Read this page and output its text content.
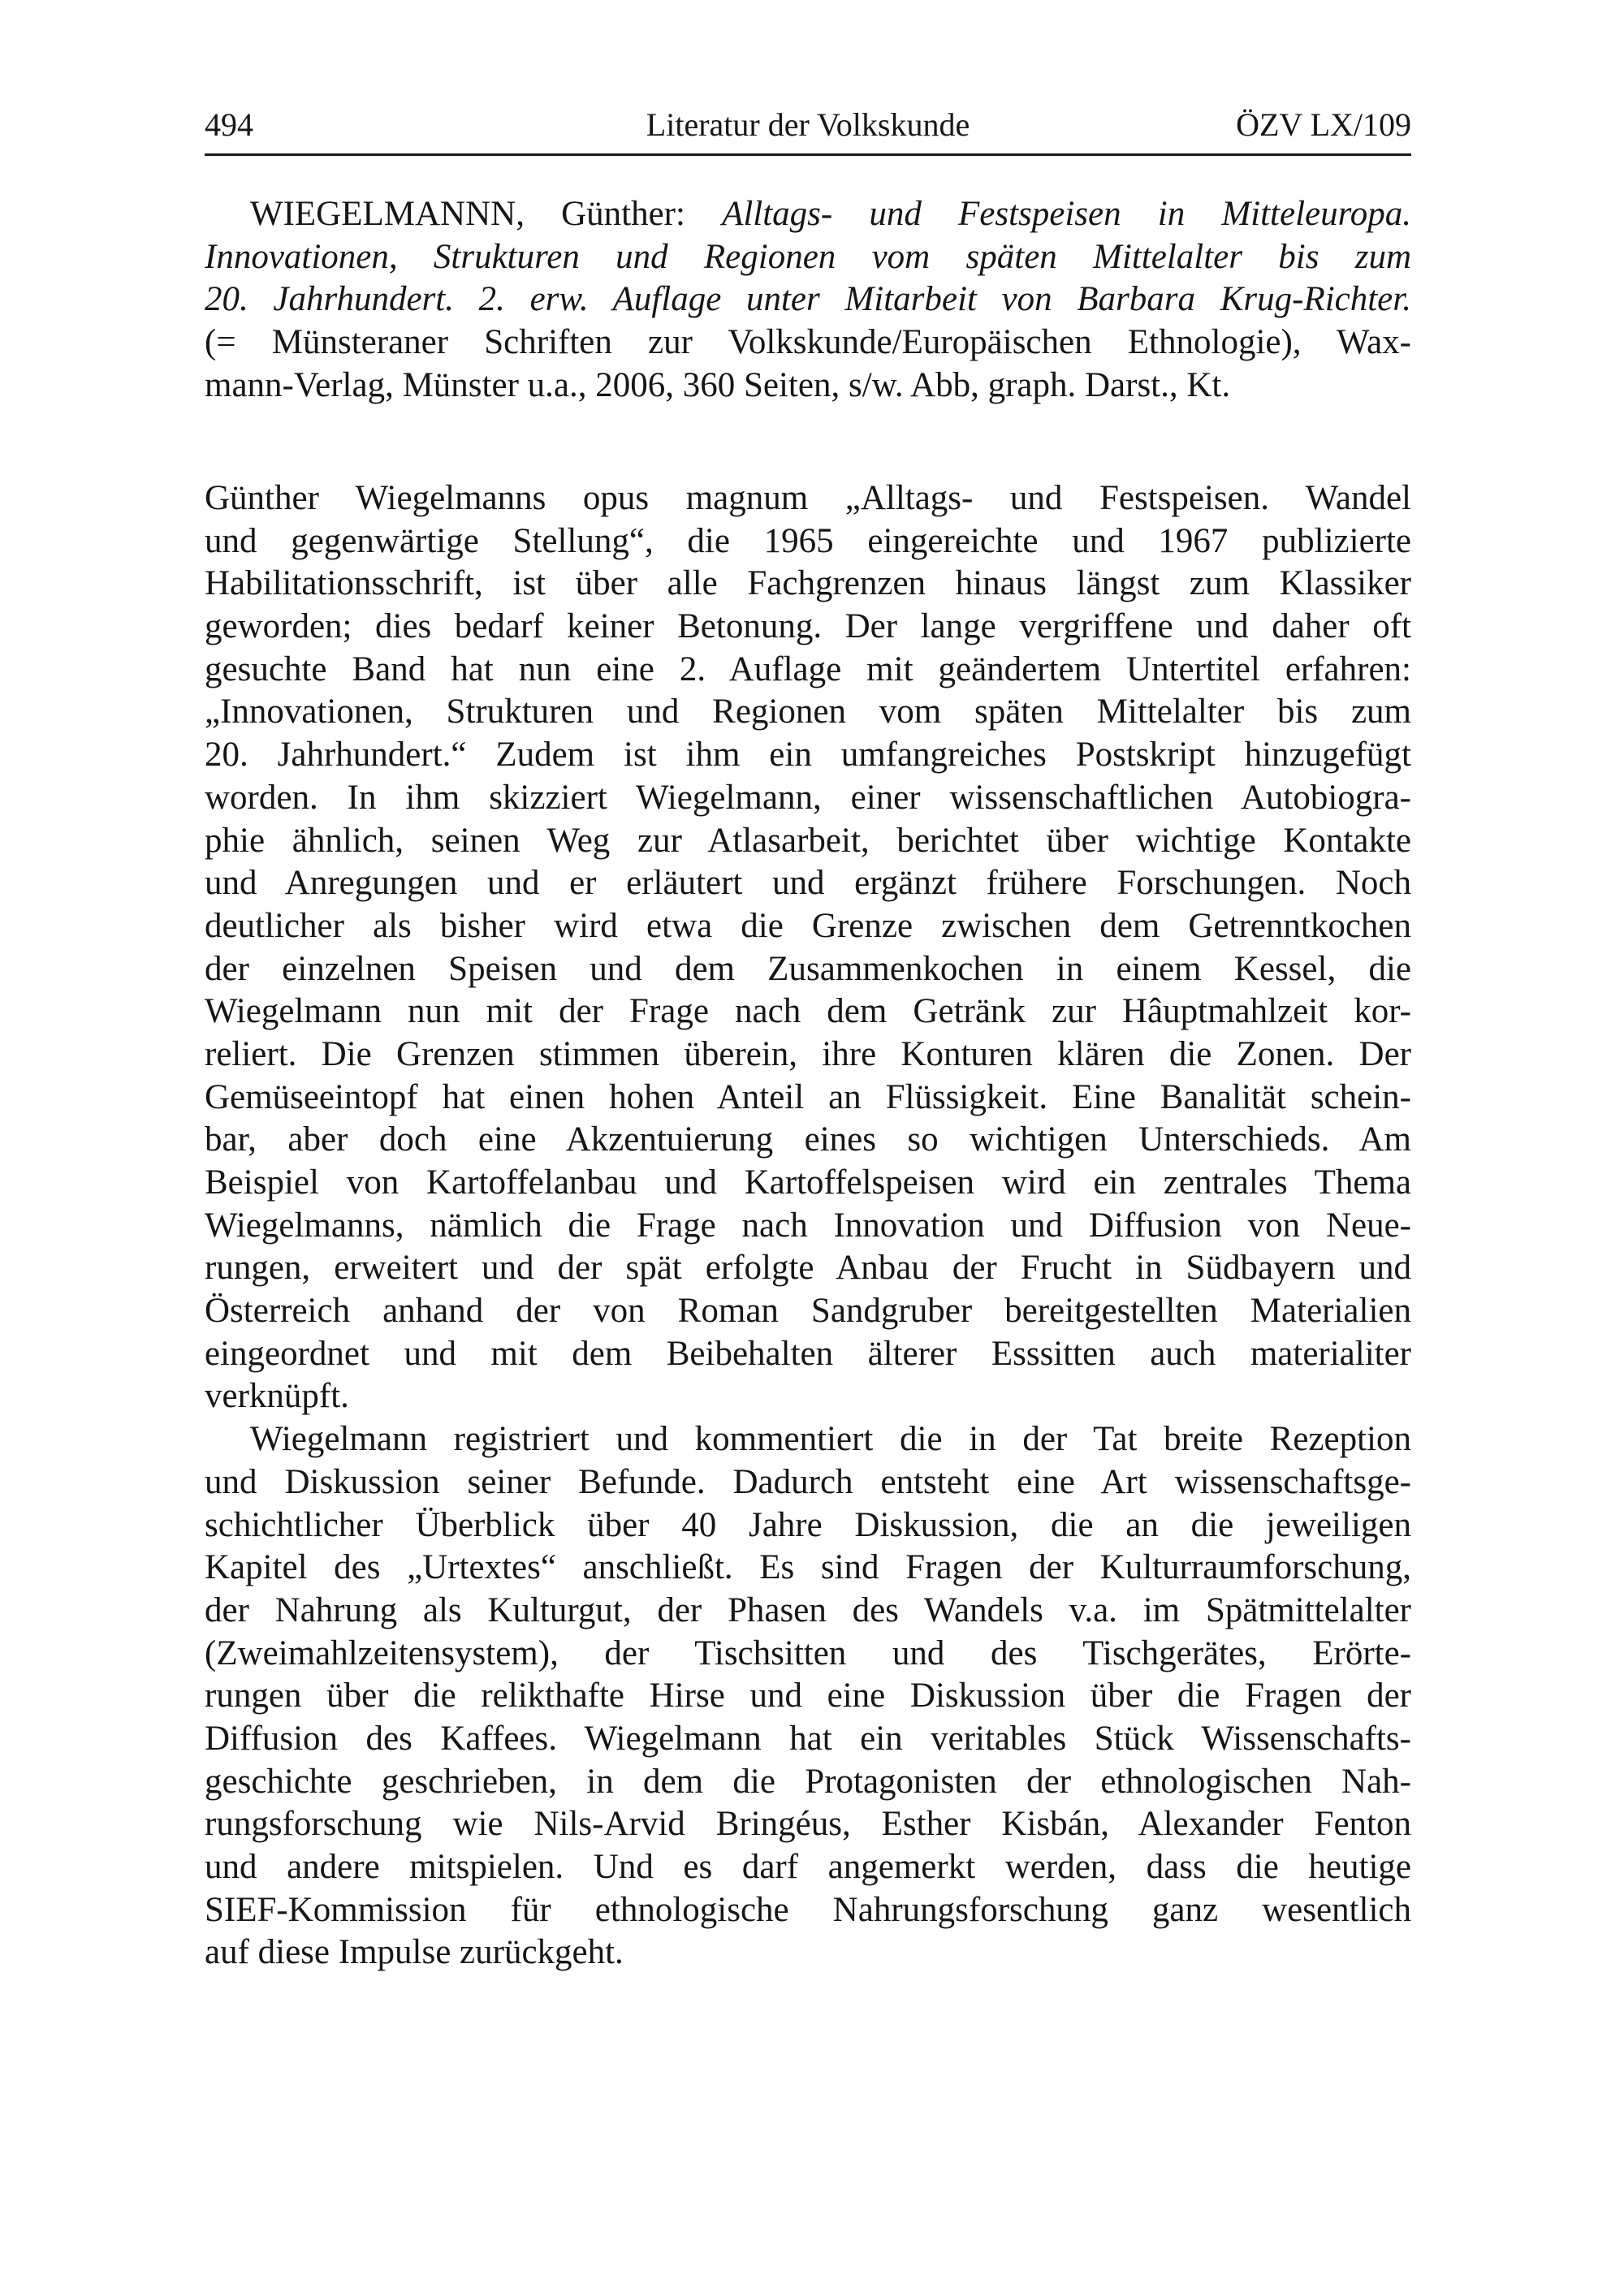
494	Literatur der Volkskunde	ÖZV LX/109
WIEGELMANNN, Günther: Alltags- und Festspeisen in Mitteleuropa.
Innovationen, Strukturen und Regionen vom späten Mittelalter bis zum
20. Jahrhundert. 2. erw. Auflage unter Mitarbeit von Barbara Krug-Richter.
(= Münsteraner Schriften zur Volkskunde/Europäischen Ethnologie), Wax-
mann-Verlag, Münster u.a., 2006, 360 Seiten, s/w. Abb, graph. Darst., Kt.
Günther Wiegelmanns opus magnum „Alltags- und Festspeisen. Wandel
und gegenwärtige Stellung“, die 1965 eingereichte und 1967 publizierte
Habilitationsschrift, ist über alle Fachgrenzen hinaus längst zum Klassiker
geworden; dies bedarf keiner Betonung. Der lange vergriffene und daher oft
gesuchte Band hat nun eine 2. Auflage mit geändertem Untertitel erfahren:
„Innovationen, Strukturen und Regionen vom späten Mittelalter bis zum
20. Jahrhundert.“ Zudem ist ihm ein umfangreiches Postskript hinzugefügt
worden. In ihm skizziert Wiegelmann, einer wissenschaftlichen Autobiogra-
phie ähnlich, seinen Weg zur Atlasarbeit, berichtet über wichtige Kontakte
und Anregungen und er erläutert und ergänzt frühere Forschungen. Noch
deutlicher als bisher wird etwa die Grenze zwischen dem Getrenntkochen
der einzelnen Speisen und dem Zusammenkochen in einem Kessel, die
Wiegelmann nun mit der Frage nach dem Getränk zur Hâuptmahlzeit kor-
reliert. Die Grenzen stimmen überein, ihre Konturen klären die Zonen. Der
Gemüseeintopf hat einen hohen Anteil an Flüssigkeit. Eine Banalität schein-
bar, aber doch eine Akzentuierung eines so wichtigen Unterschieds. Am
Beispiel von Kartoffelanbau und Kartoffelspeisen wird ein zentrales Thema
Wiegelmanns, nämlich die Frage nach Innovation und Diffusion von Neue-
rungen, erweitert und der spät erfolgte Anbau der Frucht in Südbayern und
Österreich anhand der von Roman Sandgruber bereitgestellten Materialien
eingeordnet und mit dem Beibehalten älterer Esssitten auch materialiter
verknüpft.
Wiegelmann registriert und kommentiert die in der Tat breite Rezeption
und Diskussion seiner Befunde. Dadurch entsteht eine Art wissenschaftsge-
schichtlicher Überblick über 40 Jahre Diskussion, die an die jeweiligen
Kapitel des „Urtextes“ anschließt. Es sind Fragen der Kulturraumforschung,
der Nahrung als Kulturgut, der Phasen des Wandels v.a. im Spätmittelalter
(Zweimahlzeitensystem), der Tischsitten und des Tischgerätes, Erörte-
rungen über die relikthafte Hirse und eine Diskussion über die Fragen der
Diffusion des Kaffees. Wiegelmann hat ein veritables Stück Wissenschafts-
geschichte geschrieben, in dem die Protagonisten der ethnologischen Nah-
rungsforschung wie Nils-Arvid Bringéus, Esther Kisbán, Alexander Fenton
und andere mitspielen. Und es darf angemerkt werden, dass die heutige
SIEF-Kommission für ethnologische Nahrungsforschung ganz wesentlich
auf diese Impulse zurückgeht.
